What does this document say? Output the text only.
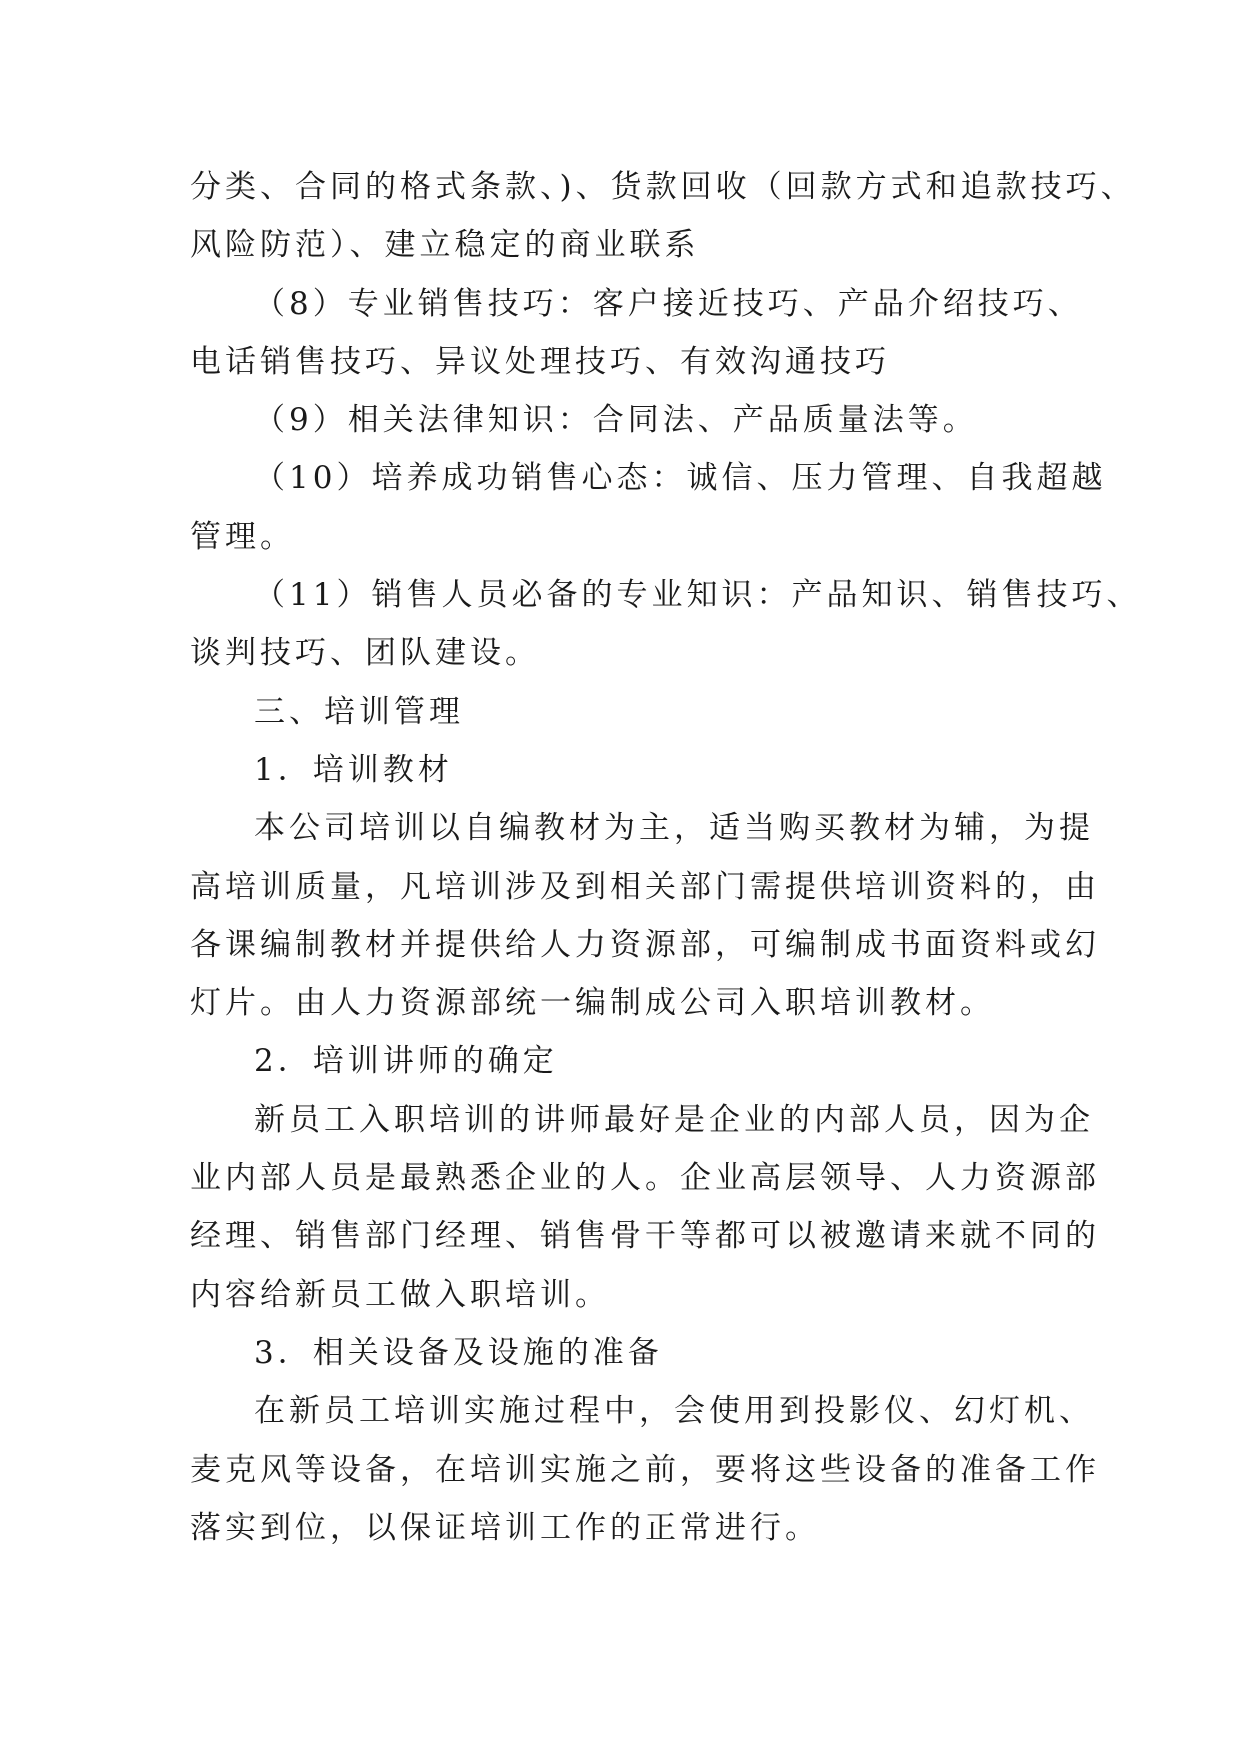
分类、合同的格式条款、)、货款回收（回款方式和追款技巧、
风险防范）、建立稳定的商业联系
（8）专业销售技巧：客户接近技巧、产品介绍技巧、
电话销售技巧、异议处理技巧、有效沟通技巧
（9）相关法律知识：合同法、产品质量法等。
（10）培养成功销售心态：诚信、压力管理、自我超越
管理。
（11）销售人员必备的专业知识：产品知识、销售技巧、
谈判技巧、团队建设。
三、培训管理
1．培训教材
本公司培训以自编教材为主，适当购买教材为辅，为提
高培训质量，凡培训涉及到相关部门需提供培训资料的，由
各课编制教材并提供给人力资源部，可编制成书面资料或幻
灯片。由人力资源部统一编制成公司入职培训教材。
2．培训讲师的确定
新员工入职培训的讲师最好是企业的内部人员，因为企
业内部人员是最熟悉企业的人。企业高层领导、人力资源部
经理、销售部门经理、销售骨干等都可以被邀请来就不同的
内容给新员工做入职培训。
3．相关设备及设施的准备
在新员工培训实施过程中，会使用到投影仪、幻灯机、
麦克风等设备，在培训实施之前，要将这些设备的准备工作
落实到位，以保证培训工作的正常进行。
